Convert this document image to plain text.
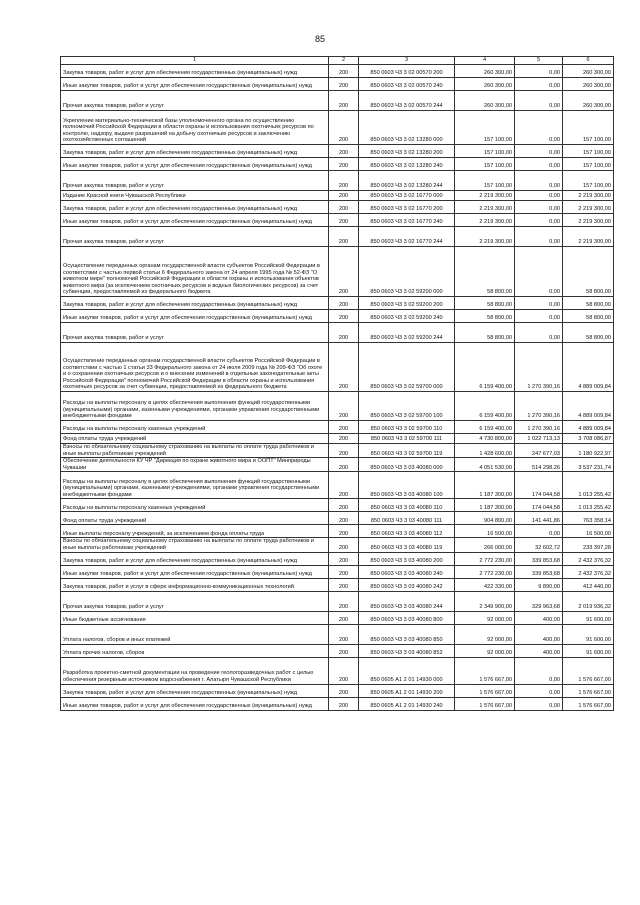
85
1	2	3	4	5	6
Закупка товаров, работ и услуг для обеспечения государственных (муниципальных) нужд	200	850 0603 Ч3 3 02 00570 200	260 300,00	0,00	260 300,00
Иные закупки товаров, работ и услуг для обеспечения государственных (муниципальных) нужд	200	850 0603 Ч3 3 02 00570 240	260 300,00	0,00	260 300,00
Прочая закупка товаров, работ и услуг	200	850 0603 Ч3 3 02 00570 244	260 300,00	0,00	260 300,00
Укрепление материально-технической базы уполномоченного органа по осуществлению полномочий Российской Федерации в области охраны и использования охотничьих ресурсов по контролю, надзору, выдаче разрешений на добычу охотничьих ресурсов и заключению охотхозяйственных соглашений	200	850 0603 Ч3 3 02 13280 000	157 100,00	0,00	157 100,00
Закупка товаров, работ и услуг для обеспечения государственных (муниципальных) нужд	200	850 0603 Ч3 3 02 13280 200	157 100,00	0,00	157 100,00
Иные закупки товаров, работ и услуг для обеспечения государственных (муниципальных) нужд	200	850 0603 Ч3 3 02 13280 240	157 100,00	0,00	157 100,00
Прочая закупка товаров, работ и услуг	200	850 0603 Ч3 3 02 13280 244	157 100,00	0,00	157 100,00
Издание Красной книги Чувашской Республики	200	850 0603 Ч3 3 02 16770 000	2 219 300,00	0,00	2 219 300,00
Закупка товаров, работ и услуг для обеспечения государственных (муниципальных) нужд	200	850 0603 Ч3 3 02 16770 200	2 219 300,00	0,00	2 219 300,00
Иные закупки товаров, работ и услуг для обеспечения государственных (муниципальных) нужд	200	850 0603 Ч3 3 02 16770 240	2 219 300,00	0,00	2 219 300,00
Прочая закупка товаров, работ и услуг	200	850 0603 Ч3 3 02 16770 244	2 219 300,00	0,00	2 219 300,00
Осуществление переданных органам государственной власти субъектов Российской Федерации в соответствии с частью первой статьи 6 Федерального закона от 24 апреля 1995 года № 52-ФЗ "О животном мире" полномочий Российской Федерации в области охраны и использования объектов животного мира (за исключением охотничьих ресурсов и водных биологических ресурсов) за счет субвенции, предоставляемой из федерального бюджета	200	850 0603 Ч3 3 02 59200 000	58 800,00	0,00	58 800,00
Закупка товаров, работ и услуг для обеспечения государственных (муниципальных) нужд	200	850 0603 Ч3 3 02 59200 200	58 800,00	0,00	58 800,00
Иные закупки товаров, работ и услуг для обеспечения государственных (муниципальных) нужд	200	850 0603 Ч3 3 02 59200 240	58 800,00	0,00	58 800,00
Прочая закупка товаров, работ и услуг	200	850 0603 Ч3 3 02 59200 244	58 800,00	0,00	58 800,00
Осуществление переданных органам государственной власти субъектов Российской Федерации в соответствии с частью 1 статьи 33 Федерального закона от 24 июля 2009 года № 209-ФЗ "Об охоте и о сохранении охотничьих ресурсов и о внесении изменений в отдельные законодательные акты Российской Федерации" полномочий Российской Федерации в области охраны и использования охотничьих ресурсов за счет субвенции, предоставляемой из федерального бюджета	200	850 0603 Ч3 3 02 59700 000	6 159 400,00	1 270 390,16	4 889 009,84
Расходы на выплаты персоналу в целях обеспечения выполнения функций государственными (муниципальными) органами, казенными учреждениями, органами управления государственными внебюджетными фондами	200	850 0603 Ч3 3 02 59700 100	6 159 400,00	1 270 390,16	4 889 009,84
Расходы на выплаты персоналу казенных учреждений	200	850 0603 Ч3 3 02 59700 110	6 159 400,00	1 270 390,16	4 889 009,84
Фонд оплаты труда учреждений	200	850 0603 Ч3 3 02 59700 111	4 730 800,00	1 022 713,13	3 708 086,87
Взносы по обязательному социальному страхованию на выплаты по оплате труда работников и иные выплаты работникам учреждений	200	850 0603 Ч3 3 02 59700 119	1 428 600,00	247 677,03	1 180 922,97
Обеспечение деятельности КУ ЧР "Дирекция по охране животного мира и ООПТ" Минприроды Чувашии	200	850 0603 Ч3 3 03 40080 000	4 051 530,00	514 298,26	3 537 231,74
Расходы на выплаты персоналу в целях обеспечения выполнения функций государственными (муниципальными) органами, казенными учреждениями, органами управления государственными внебюджетными фондами	200	850 0603 Ч3 3 03 40080 100	1 187 300,00	174 044,58	1 013 255,42
Расходы на выплаты персоналу казенных учреждений	200	850 0603 Ч3 3 03 40080 110	1 187 300,00	174 044,58	1 013 255,42
Фонд оплаты труда учреждений	200	850 0603 Ч3 3 03 40080 111	904 800,00	141 441,86	763 358,14
Иные выплаты персоналу учреждений, за исключением фонда оплаты труда	200	850 0603 Ч3 3 03 40080 112	16 500,00	0,00	16 500,00
Взносы по обязательному социальному страхованию на выплаты по оплате труда работников и иные выплаты работникам учреждений	200	850 0603 Ч3 3 03 40080 119	266 000,00	32 602,72	233 397,28
Закупка товаров, работ и услуг для обеспечения государственных (муниципальных) нужд	200	850 0603 Ч3 3 03 40080 200	2 772 230,00	339 853,68	2 432 376,32
Иные закупки товаров, работ и услуг для обеспечения государственных (муниципальных) нужд	200	850 0603 Ч3 3 03 40080 240	2 772 230,00	339 853,68	2 432 376,32
Закупка товаров, работ и услуг в сфере информационно-коммуникационных технологий	200	850 0603 Ч3 3 03 40080 242	422 330,00	9 890,00	412 440,00
Прочая закупка товаров, работ и услуг	200	850 0603 Ч3 3 03 40080 244	2 349 900,00	329 963,68	2 019 936,32
Иные бюджетные ассигнования	200	850 0603 Ч3 3 03 40080 800	92 000,00	400,00	91 600,00
Уплата налогов, сборов и иных платежей	200	850 0603 Ч3 3 03 40080 850	92 000,00	400,00	91 600,00
Уплата прочих налогов, сборов	200	850 0603 Ч3 3 03 40080 852	92 000,00	400,00	91 600,00
Разработка проектно-сметной документации на проведение геологоразведочных работ с целью обеспечения резервным источником водоснабжения г. Алатыря Чувашской Республики	200	850 0605 А1 2 01 14930 000	1 576 667,00	0,00	1 576 667,00
Закупка товаров, работ и услуг для обеспечения государственных (муниципальных) нужд	200	850 0605 А1 2 01 14930 200	1 576 667,00	0,00	1 576 667,00
Иные закупки товаров, работ и услуг для обеспечения государственных (муниципальных) нужд	200	850 0605 А1 2 01 14930 240	1 576 667,00	0,00	1 576 667,00
